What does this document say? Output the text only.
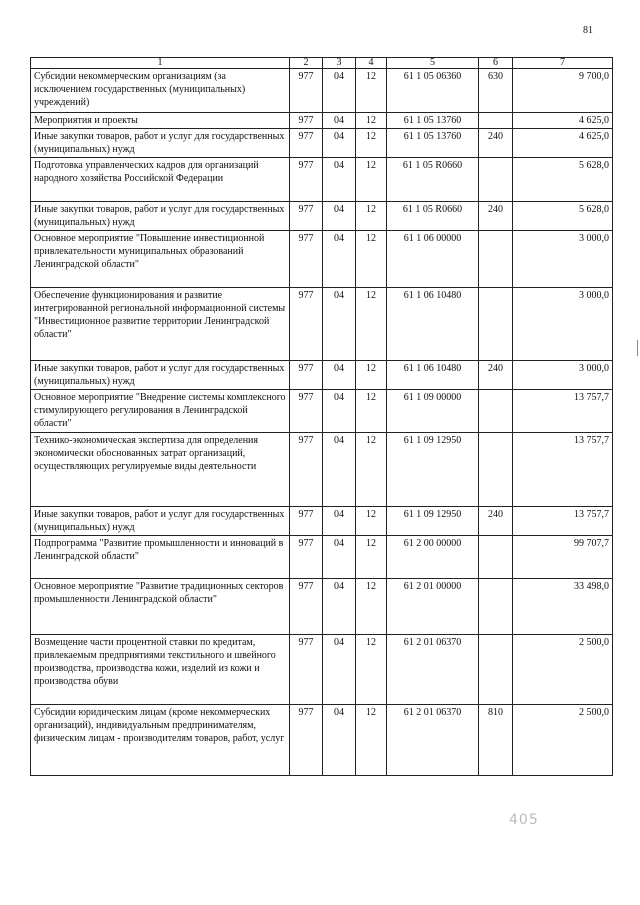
81
1	2	3	4	5	6	7
Субсидии некоммерческим организациям (за исключением государственных (муниципальных) учреждений)	977	04	12	61 1 05 06360	630	9 700,0
Мероприятия и проекты	977	04	12	61 1 05 13760		4 625,0
Иные закупки товаров, работ и услуг для государственных (муниципальных) нужд	977	04	12	61 1 05 13760	240	4 625,0
Подготовка управленческих кадров для организаций народного хозяйства Российской Федерации	977	04	12	61 1 05 R0660		5 628,0
Иные закупки товаров, работ и услуг для государственных (муниципальных) нужд	977	04	12	61 1 05 R0660	240	5 628,0
Основное мероприятие "Повышение инвестиционной привлекательности муниципальных образований Ленинградской области"	977	04	12	61 1 06 00000		3 000,0
Обеспечение функционирования и развитие интегрированной региональной информационной системы "Инвестиционное развитие территории Ленинградской области"	977	04	12	61 1 06 10480		3 000,0
Иные закупки товаров, работ и услуг для государственных (муниципальных) нужд	977	04	12	61 1 06 10480	240	3 000,0
Основное мероприятие "Внедрение системы комплексного стимулирующего регулирования в Ленинградской области"	977	04	12	61 1 09 00000		13 757,7
Технико-экономическая экспертиза для определения экономически обоснованных затрат организаций, осуществляющих регулируемые виды деятельности	977	04	12	61 1 09 12950		13 757,7
Иные закупки товаров, работ и услуг для государственных (муниципальных) нужд	977	04	12	61 1 09 12950	240	13 757,7
Подпрограмма "Развитие промышленности и инноваций в Ленинградской области"	977	04	12	61 2 00 00000		99 707,7
Основное мероприятие "Развитие традиционных секторов промышленности Ленинградской области"	977	04	12	61 2 01 00000		33 498,0
Возмещение части процентной ставки по кредитам, привлекаемым предприятиями текстильного и швейного производства, производства кожи, изделий из кожи и производства обуви	977	04	12	61 2 01 06370		2 500,0
Субсидии юридическим лицам (кроме некоммерческих организаций), индивидуальным предпринимателям, физическим лицам - производителям товаров, работ, услуг	977	04	12	61 2 01 06370	810	2 500,0
405
